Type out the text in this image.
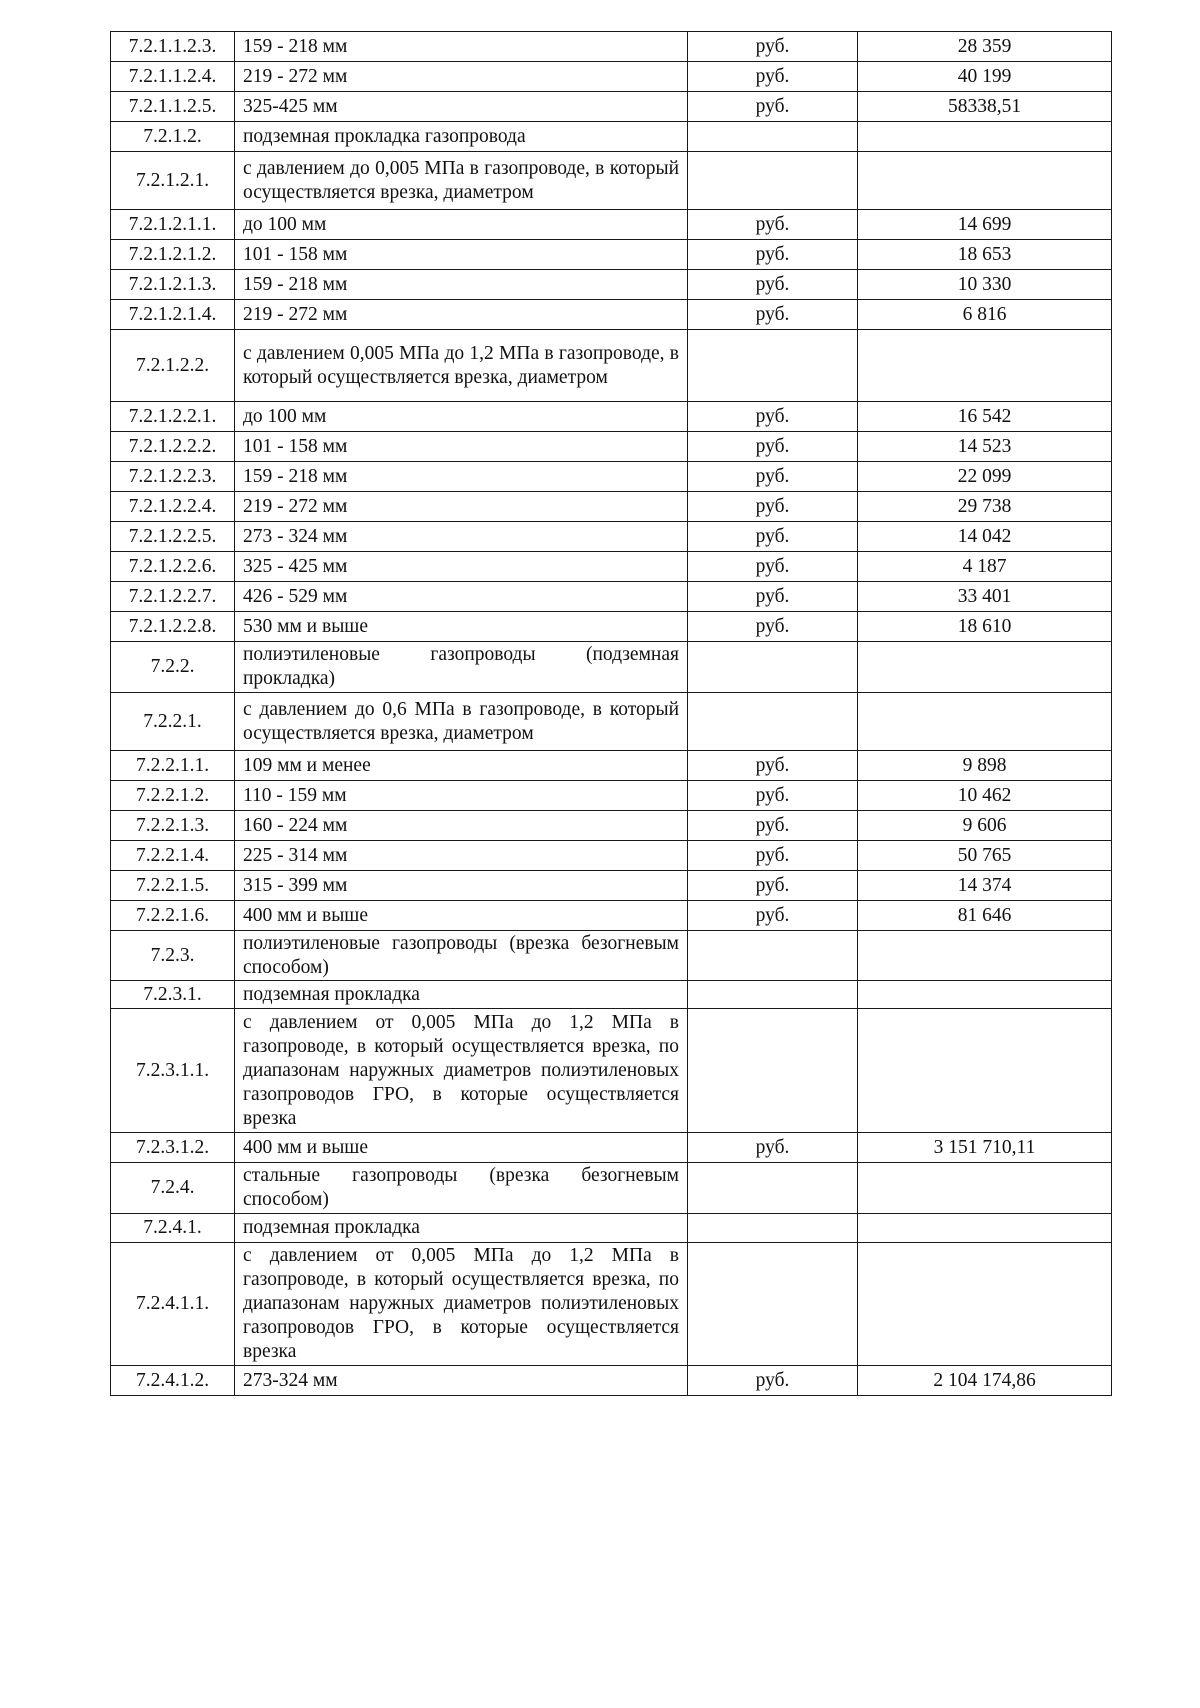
7.2.1.1.2.3.	159 - 218 мм	руб.	28 359
7.2.1.1.2.4.	219 - 272 мм	руб.	40 199
7.2.1.1.2.5.	325-425 мм	руб.	58338,51
7.2.1.2.	подземная прокладка газопровода		
7.2.1.2.1.	с давлением до 0,005 МПа в газопроводе, в который осуществляется врезка, диаметром		
7.2.1.2.1.1.	до 100 мм	руб.	14 699
7.2.1.2.1.2.	101 - 158 мм	руб.	18 653
7.2.1.2.1.3.	159 - 218 мм	руб.	10 330
7.2.1.2.1.4.	219 - 272 мм	руб.	6 816
7.2.1.2.2.	с давлением 0,005 МПа до 1,2 МПа в газопроводе, в который осуществляется врезка, диаметром		
7.2.1.2.2.1.	до 100 мм	руб.	16 542
7.2.1.2.2.2.	101 - 158 мм	руб.	14 523
7.2.1.2.2.3.	159 - 218 мм	руб.	22 099
7.2.1.2.2.4.	219 - 272 мм	руб.	29 738
7.2.1.2.2.5.	273 - 324 мм	руб.	14 042
7.2.1.2.2.6.	325 - 425 мм	руб.	4 187
7.2.1.2.2.7.	426 - 529 мм	руб.	33 401
7.2.1.2.2.8.	530 мм и выше	руб.	18 610
7.2.2.	полиэтиленовые газопроводы (подземная прокладка)		
7.2.2.1.	с давлением до 0,6 МПа в газопроводе, в который осуществляется врезка, диаметром		
7.2.2.1.1.	109 мм и менее	руб.	9 898
7.2.2.1.2.	110 - 159 мм	руб.	10 462
7.2.2.1.3.	160 - 224 мм	руб.	9 606
7.2.2.1.4.	225 - 314 мм	руб.	50 765
7.2.2.1.5.	315 - 399 мм	руб.	14 374
7.2.2.1.6.	400 мм и выше	руб.	81 646
7.2.3.	полиэтиленовые газопроводы (врезка безогневым способом)		
7.2.3.1.	подземная прокладка		
7.2.3.1.1.	с давлением от 0,005 МПа до 1,2 МПа в газопроводе, в который осуществляется врезка, по диапазонам наружных диаметров полиэтиленовых газопроводов ГРО, в которые осуществляется врезка		
7.2.3.1.2.	400 мм и выше	руб.	3 151 710,11
7.2.4.	стальные газопроводы (врезка безогневым способом)		
7.2.4.1.	подземная прокладка		
7.2.4.1.1.	с давлением от 0,005 МПа до 1,2 МПа в газопроводе, в который осуществляется врезка, по диапазонам наружных диаметров полиэтиленовых газопроводов ГРО, в которые осуществляется врезка		
7.2.4.1.2.	273-324 мм	руб.	2 104 174,86
